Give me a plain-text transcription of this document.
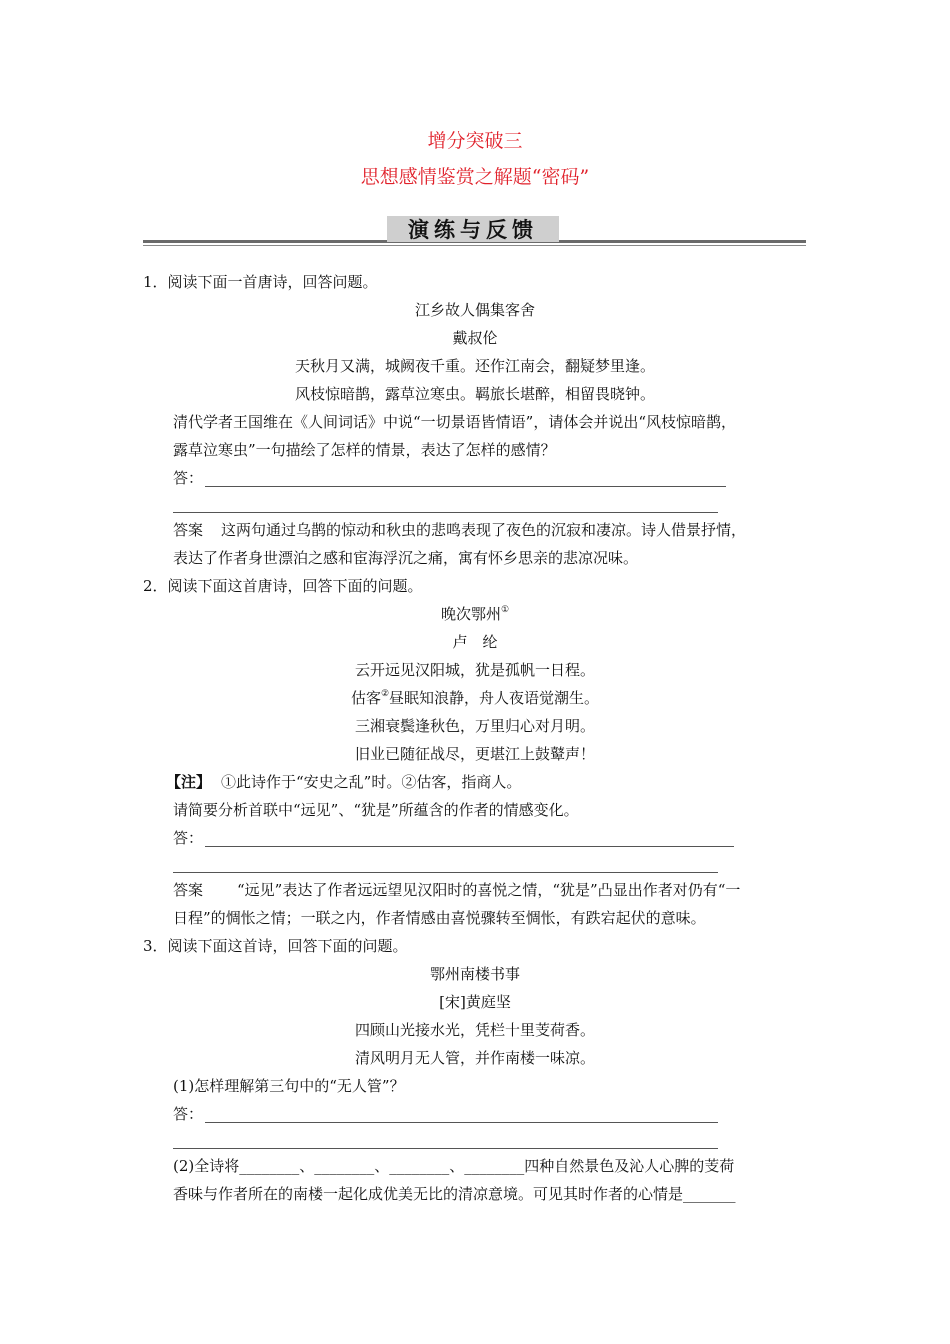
增分突破三
思想感情鉴赏之解题“密码”
演练与反馈
1．阅读下面一首唐诗，回答问题。
江乡故人偶集客舍
戴叔伦
天秋月又满，城阙夜千重。还作江南会，翻疑梦里逢。
风枝惊暗鹊，露草泣寒虫。羁旅长堪醉，相留畏晓钟。
清代学者王国维在《人间词话》中说“一切景语皆情语”，请体会并说出“风枝惊暗鹊，
露草泣寒虫”一句描绘了怎样的情景，表达了怎样的感情？
答：
答案 这两句通过乌鹊的惊动和秋虫的悲鸣表现了夜色的沉寂和凄凉。诗人借景抒情，
表达了作者身世漂泊之感和宦海浮沉之痛，寓有怀乡思亲的悲凉况味。
2．阅读下面这首唐诗，回答下面的问题。
晚次鄂州①
卢　纶
云开远见汉阳城，犹是孤帆一日程。
估客②昼眠知浪静，舟人夜语觉潮生。
三湘衰鬓逢秋色，万里归心对月明。
旧业已随征战尽，更堪江上鼓鼙声！
【注】 ①此诗作于“安史之乱”时。②估客，指商人。
请简要分析首联中“远见”、“犹是”所蕴含的作者的情感变化。
答：
答案 “远见”表达了作者远远望见汉阳时的喜悦之情，“犹是”凸显出作者对仍有“一
日程”的惆怅之情；一联之内，作者情感由喜悦骤转至惆怅，有跌宕起伏的意味。
3．阅读下面这首诗，回答下面的问题。
鄂州南楼书事
[宋]黄庭坚
四顾山光接水光，凭栏十里芰荷香。
清风明月无人管，并作南楼一味凉。
(1)怎样理解第三句中的“无人管”？
答：
(2)全诗将________、________、________、________四种自然景色及沁人心脾的芰荷
香味与作者所在的南楼一起化成优美无比的清凉意境。可见其时作者的心情是_______
